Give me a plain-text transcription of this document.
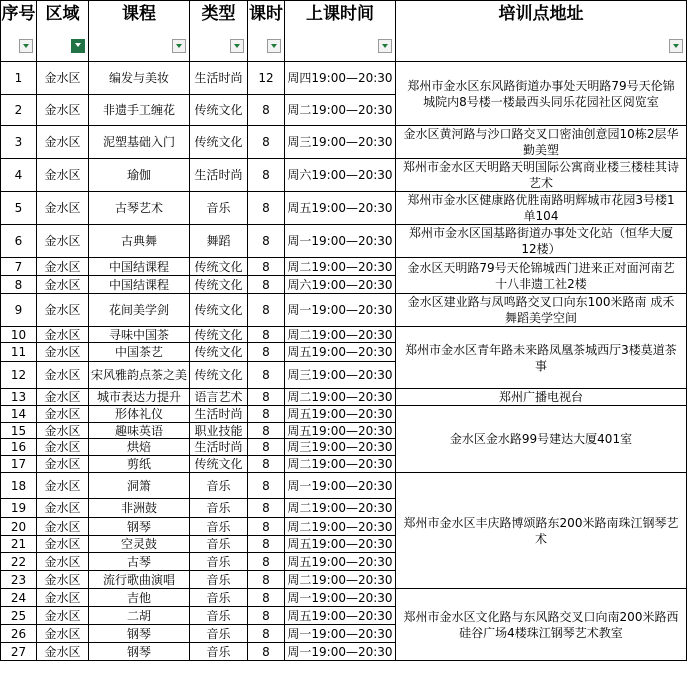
序号	区域	课程	类型	课时	上课时间	培训点地址

1	金水区	编发与美妆	生活时尚	12	周四19:00—20:30	郑州市金水区东风路街道办事处天明路79号天伦锦城院内8号楼一楼最西头同乐花园社区阅览室
2	金水区	非遗手工缠花	传统文化	8	周二19:00—20:30	
3	金水区	泥塑基础入门	传统文化	8	周三19:00—20:30	金水区黄河路与沙口路交叉口密油创意园10栋2层华勤美塑
4	金水区	瑜伽	生活时尚	8	周六19:00—20:30	郑州市金水区天明路天明国际公寓商业楼三楼桂其诗艺术
5	金水区	古琴艺术	音乐	8	周五19:00—20:30	郑州市金水区健康路优胜南路明辉城市花园3号楼1单104
6	金水区	古典舞	舞蹈	8	周一19:00—20:30	郑州市金水区国基路街道办事处文化站（恒华大厦12楼）
7	金水区	中国结课程	传统文化	8	周二19:00—20:30	金水区天明路79号天伦锦城西门进来正对面河南艺十八非遗工社2楼
8	金水区	中国结课程	传统文化	8	周六19:00—20:30	
9	金水区	花间美学剑	传统文化	8	周一19:00—20:30	金水区建业路与凤鸣路交叉口向东100米路南 成禾舞蹈美学空间
10	金水区	寻味中国茶	传统文化	8	周二19:00—20:30	郑州市金水区青年路未来路凤凰茶城西厅3楼莫道茶事
11	金水区	中国茶艺	传统文化	8	周五19:00—20:30	
12	金水区	宋风雅韵点茶之美	传统文化	8	周三19:00—20:30	
13	金水区	城市表达力提升	语言艺术	8	周二19:00—20:30	郑州广播电视台
14	金水区	形体礼仪	生活时尚	8	周五19:00—20:30	金水区金水路99号建达大厦401室
15	金水区	趣味英语	职业技能	8	周五19:00—20:30	
16	金水区	烘焙	生活时尚	8	周三19:00—20:30	
17	金水区	剪纸	传统文化	8	周二19:00—20:30	
18	金水区	洞箫	音乐	8	周一19:00—20:30	郑州市金水区丰庆路博颂路东200米路南珠江钢琴艺术
19	金水区	非洲鼓	音乐	8	周二19:00—20:30	
20	金水区	钢琴	音乐	8	周二19:00—20:30	
21	金水区	空灵鼓	音乐	8	周五19:00—20:30	
22	金水区	古琴	音乐	8	周五19:00—20:30	
23	金水区	流行歌曲演唱	音乐	8	周二19:00—20:30	
24	金水区	吉他	音乐	8	周一19:00—20:30	郑州市金水区文化路与东风路交叉口向南200米路西硅谷广场4楼珠江钢琴艺术教室
25	金水区	二胡	音乐	8	周五19:00—20:30	
26	金水区	钢琴	音乐	8	周一19:00—20:30	
27	金水区	钢琴	音乐	8	周一19:00—20:30	
